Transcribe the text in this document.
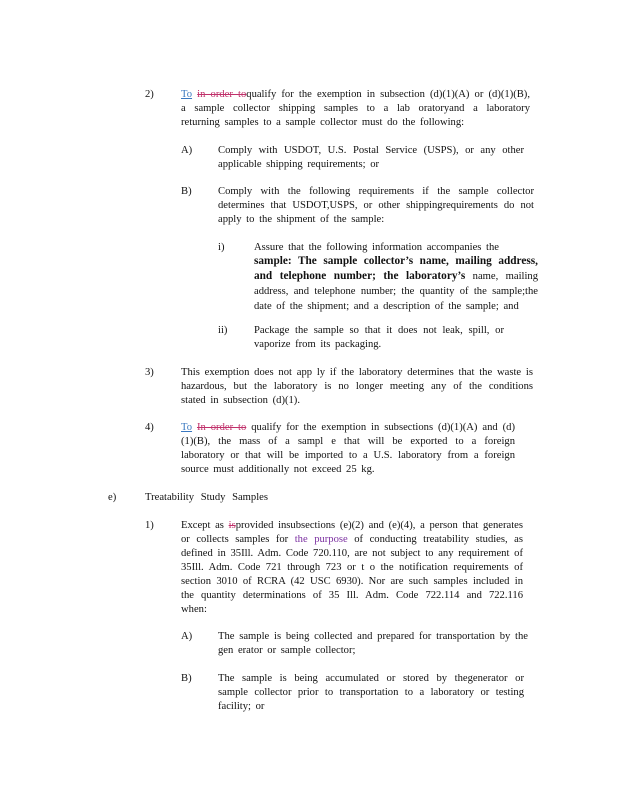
2)	To in order toqualify for the exemption in subsection (d)(1)(A) or (d)(1)(B), a sample collector shipping samples to a lab oratoryand a laboratory returning samples to a sample collector must do the following:
A) Comply with USDOT, U.S. Postal Service (USPS), or any other applicable shipping requirements; or
B) Comply with the following requirements if the sample collector determines that USDOT,USPS, or other shippingrequirements do not apply to the shipment of the sample:
i)	Assure that the following information accompanies the
sample: The sample collector’s name, mailing address, and telephone number; the laboratory’s name, mailing address, and telephone number; the quantity of the sample;the date of the shipment; and a description of the sample; and
ii)	Package the sample so that it does not leak, spill, or vaporize from its packaging.
3)	This exemption does not app ly if the laboratory determines that the waste is hazardous, but the laboratory is no longer meeting any of the conditions stated in subsection (d)(1).
4)	To In order to qualify for the exemption in subsections (d)(1)(A) and (d)(1)(B), the mass of a sampl e that will be exported to a foreign laboratory or that will be imported to a U.S. laboratory from a foreign source must additionally not exceed 25 kg.
e)	Treatability Study Samples
1)	Except as isprovided insubsections (e)(2) and (e)(4), a person that generates or collects samples for the purpose of conducting treatability studies, as defined in 35Ill. Adm. Code 720.110, are not subject to any requirement of 35Ill. Adm. Code 721 through 723 or t o the notification requirements of section 3010 of RCRA (42 USC 6930). Nor are such samples included in the quantity determinations of 35 Ill. Adm. Code 722.114 and 722.116 when:
A) The sample is being collected and prepared for transportation by the gen erator or sample collector;
B) The sample is being accumulated or stored by thegenerator or sample collector prior to transportation to a laboratory or testing facility; or
